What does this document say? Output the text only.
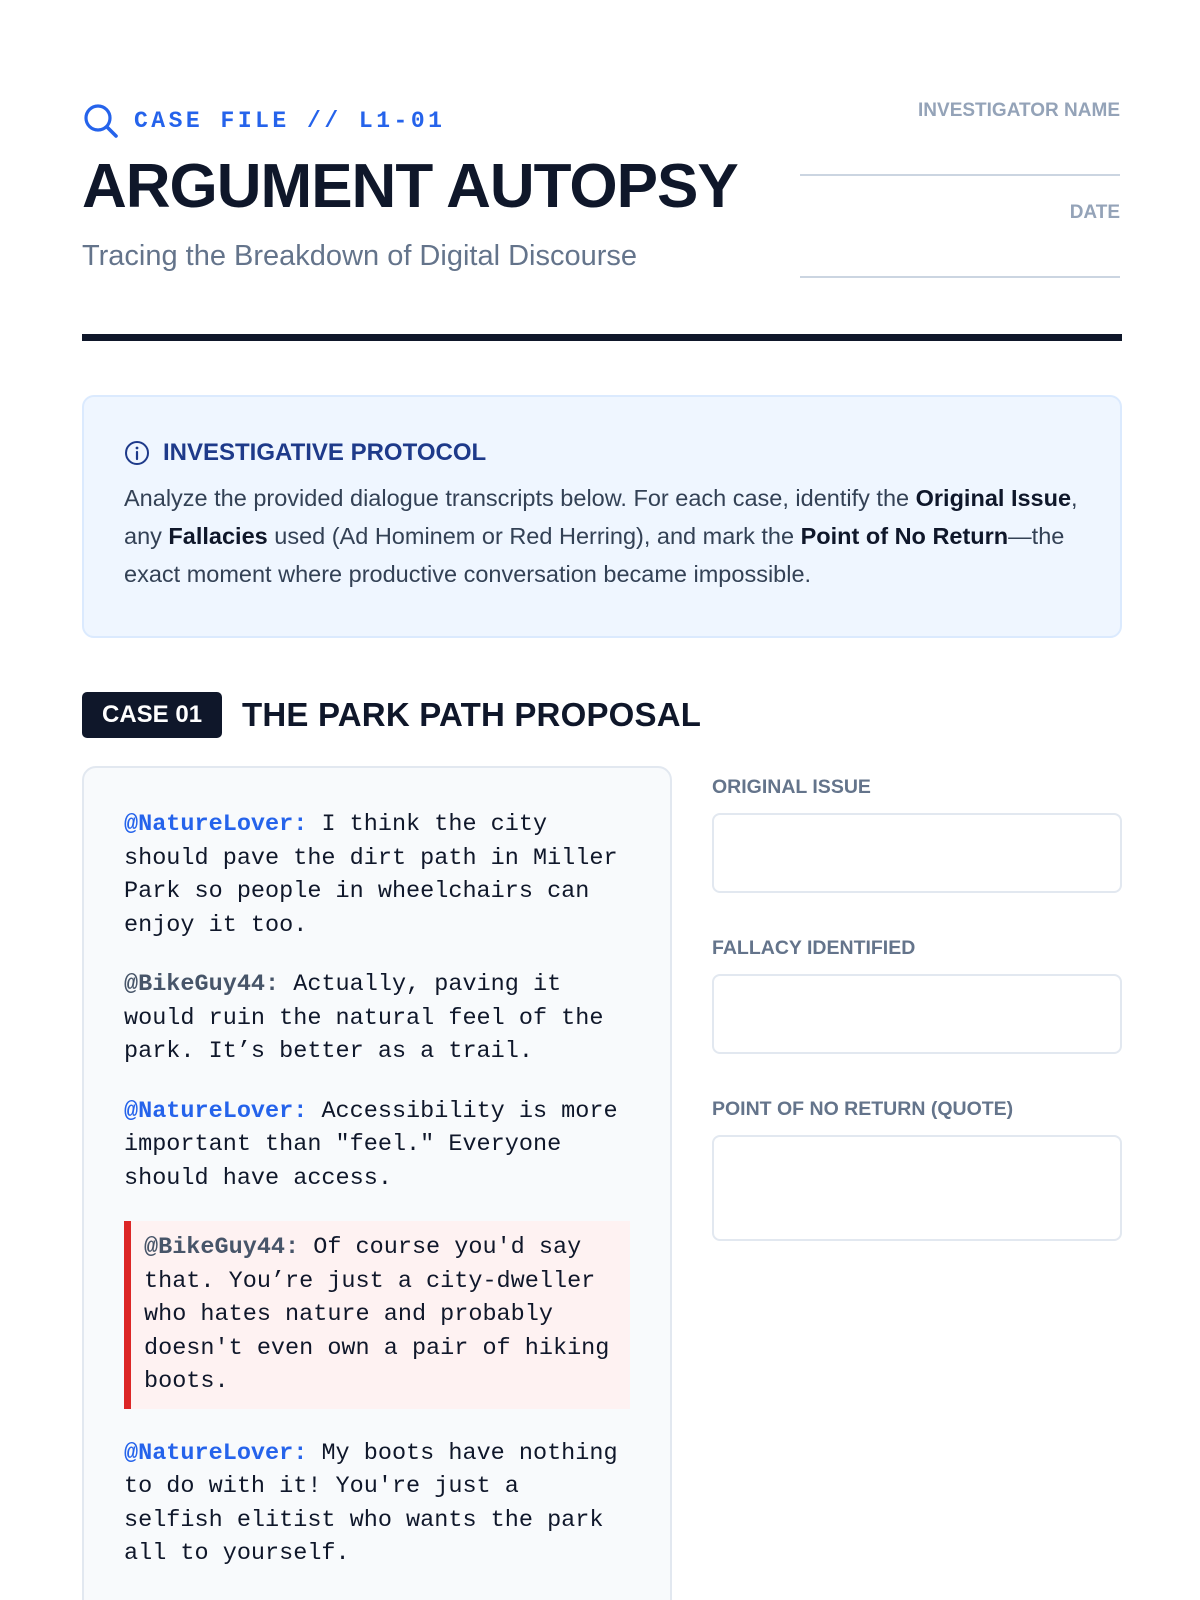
CASE FILE // L1-01
ARGUMENT AUTOPSY
Tracing the Breakdown of Digital Discourse
INVESTIGATOR NAME
DATE
INVESTIGATIVE PROTOCOL

Analyze the provided dialogue transcripts below. For each case, identify the Original Issue, any Fallacies used (Ad Hominem or Red Herring), and mark the Point of No Return—the exact moment where productive conversation became impossible.

CASE 01	THE PARK PATH PROPOSAL

@NatureLover: I think the city should pave the dirt path in Miller Park so people in wheelchairs can enjoy it too.

@BikeGuy44: Actually, paving it would ruin the natural feel of the park. It’s better as a trail.

@NatureLover: Accessibility is more important than "feel." Everyone should have access.

@BikeGuy44: Of course you'd say that. You’re just a city-dweller who hates nature and probably doesn't even own a pair of hiking boots.

@NatureLover: My boots have nothing to do with it! You're just a selfish elitist who wants the park all to yourself.

ORIGINAL ISSUE
FALLACY IDENTIFIED
POINT OF NO RETURN (QUOTE)
